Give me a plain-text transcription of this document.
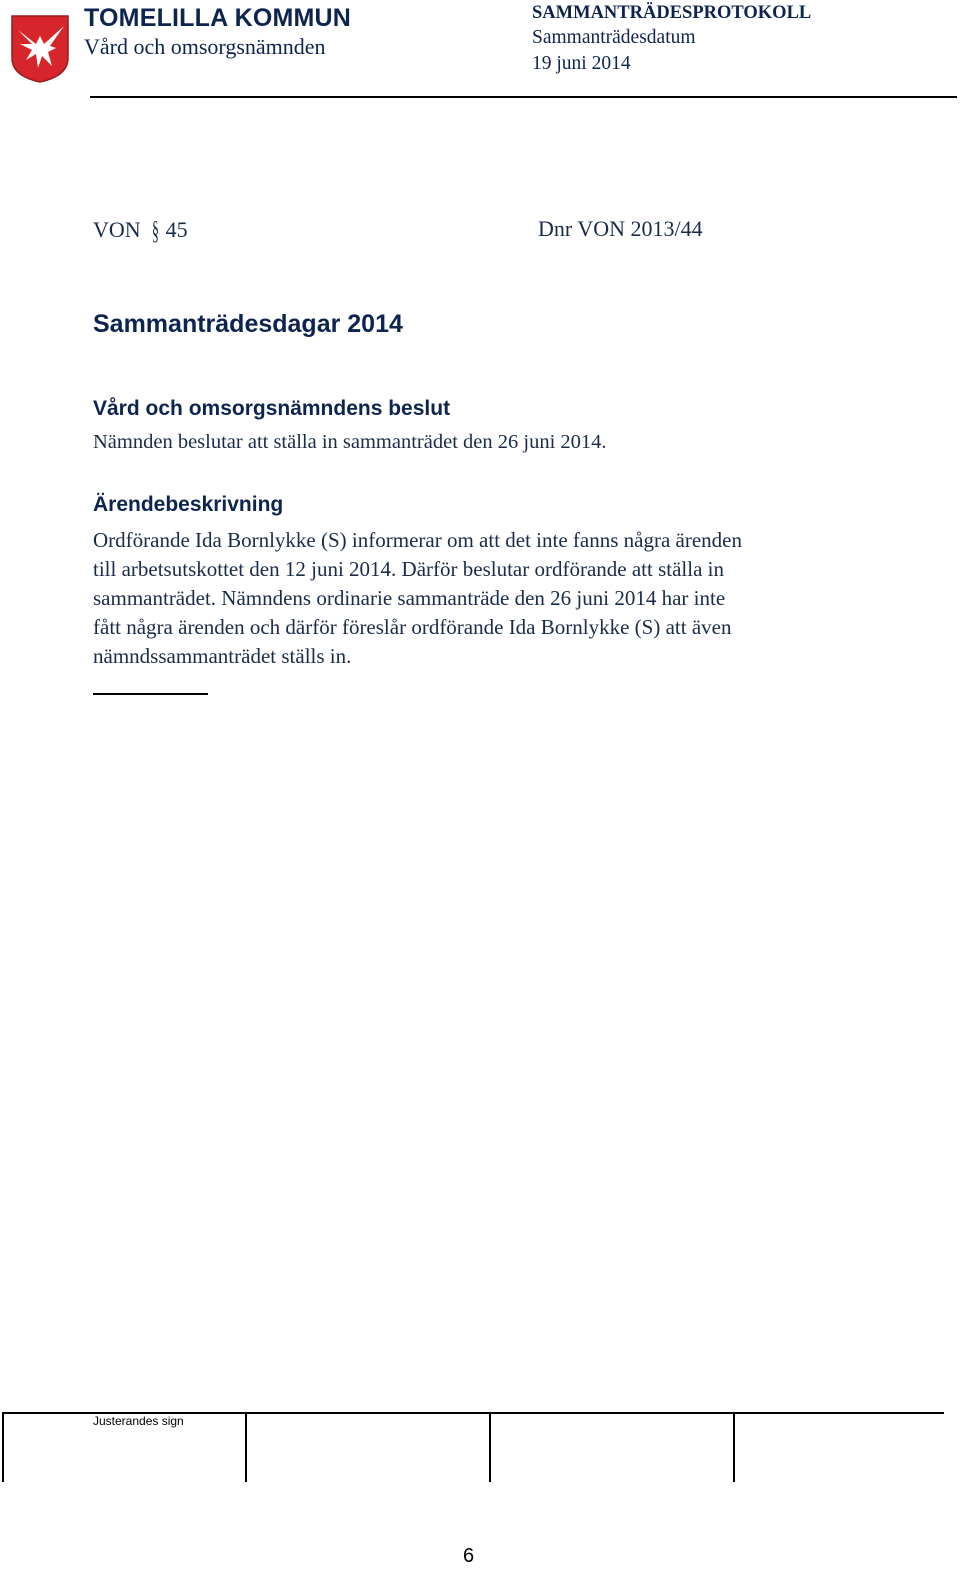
TOMELILLA KOMMUN
Vård och omsorgsnämnden
SAMMANTRÄDESPROTOKOLL
Sammanträdesdatum
19 juni 2014
VON § 45	Dnr VON 2013/44
Sammanträdesdagar 2014
Vård och omsorgsnämndens beslut
Nämnden beslutar att ställa in sammanträdet den 26 juni 2014.
Ärendebeskrivning
Ordförande Ida Bornlykke (S) informerar om att det inte fanns några ärenden
till arbetsutskottet den 12 juni 2014. Därför beslutar ordförande att ställa in
sammanträdet. Nämndens ordinarie sammanträde den 26 juni 2014 har inte
fått några ärenden och därför föreslår ordförande Ida Bornlykke (S) att även
nämndssammanträdet ställs in.
Justerandes sign
6
